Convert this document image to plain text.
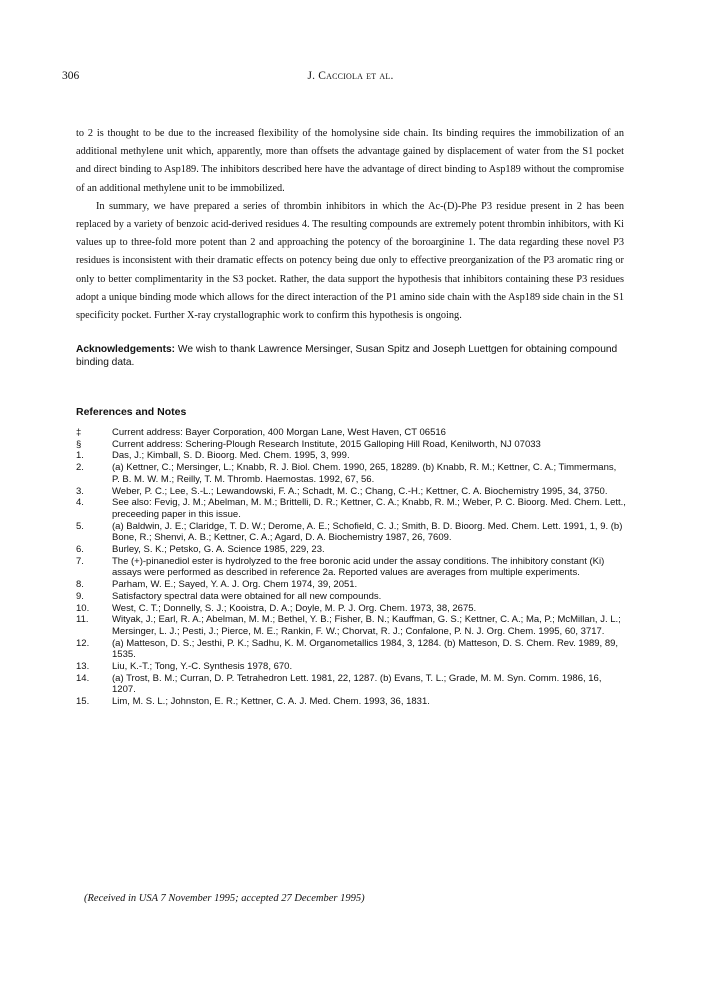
306	J. Cacciola et al.

to 2 is thought to be due to the increased flexibility of the homolysine side chain. Its binding requires the immobilization of an additional methylene unit which, apparently, more than offsets the advantage gained by displacement of water from the S1 pocket and direct binding to Asp189. The inhibitors described here have the advantage of direct binding to Asp189 without the compromise of an additional methylene unit to be immobilized.

In summary, we have prepared a series of thrombin inhibitors in which the Ac-(D)-Phe P3 residue present in 2 has been replaced by a variety of benzoic acid-derived residues 4. The resulting compounds are extremely potent thrombin inhibitors, with Ki values up to three-fold more potent than 2 and approaching the potency of the boroarginine 1. The data regarding these novel P3 residues is inconsistent with their dramatic effects on potency being due only to effective preorganization of the P3 aromatic ring or only to better complimentarity in the S3 pocket. Rather, the data support the hypothesis that inhibitors containing these P3 residues adopt a unique binding mode which allows for the direct interaction of the P1 amino side chain with the Asp189 side chain in the S1 specificity pocket. Further X-ray crystallographic work to confirm this hypothesis is ongoing.

Acknowledgements: We wish to thank Lawrence Mersinger, Susan Spitz and Joseph Luettgen for obtaining compound binding data.
References and Notes
‡	Current address: Bayer Corporation, 400 Morgan Lane, West Haven, CT 06516
§	Current address: Schering-Plough Research Institute, 2015 Galloping Hill Road, Kenilworth, NJ 07033
1.	Das, J.; Kimball, S. D. Bioorg. Med. Chem. 1995, 3, 999.
2.	(a) Kettner, C.; Mersinger, L.; Knabb, R. J. Biol. Chem. 1990, 265, 18289. (b) Knabb, R. M.; Kettner, C. A.; Timmermans, P. B. M. W. M.; Reilly, T. M. Thromb. Haemostas. 1992, 67, 56.
3.	Weber, P. C.; Lee, S.-L.; Lewandowski, F. A.; Schadt, M. C.; Chang, C.-H.; Kettner, C. A. Biochemistry 1995, 34, 3750.
4.	See also: Fevig, J. M.; Abelman, M. M.; Brittelli, D. R.; Kettner, C. A.; Knabb, R. M.; Weber, P. C. Bioorg. Med. Chem. Lett., preceeding paper in this issue.
5.	(a) Baldwin, J. E.; Claridge, T. D. W.; Derome, A. E.; Schofield, C. J.; Smith, B. D. Bioorg. Med. Chem. Lett. 1991, 1, 9. (b) Bone, R.; Shenvi, A. B.; Kettner, C. A.; Agard, D. A. Biochemistry 1987, 26, 7609.
6.	Burley, S. K.; Petsko, G. A. Science 1985, 229, 23.
7.	The (+)-pinanediol ester is hydrolyzed to the free boronic acid under the assay conditions. The inhibitory constant (Ki) assays were performed as described in reference 2a. Reported values are averages from multiple experiments.
8.	Parham, W. E.; Sayed, Y. A. J. Org. Chem 1974, 39, 2051.
9.	Satisfactory spectral data were obtained for all new compounds.
10.	West, C. T.; Donnelly, S. J.; Kooistra, D. A.; Doyle, M. P. J. Org. Chem. 1973, 38, 2675.
11.	Wityak, J.; Earl, R. A.; Abelman, M. M.; Bethel, Y. B.; Fisher, B. N.; Kauffman, G. S.; Kettner, C. A.; Ma, P.; McMillan, J. L.; Mersinger, L. J.; Pesti, J.; Pierce, M. E.; Rankin, F. W.; Chorvat, R. J.; Confalone, P. N. J. Org. Chem. 1995, 60, 3717.
12.	(a) Matteson, D. S.; Jesthi, P. K.; Sadhu, K. M. Organometallics 1984, 3, 1284. (b) Matteson, D. S. Chem. Rev. 1989, 89, 1535.
13.	Liu, K.-T.; Tong, Y.-C. Synthesis 1978, 670.
14.	(a) Trost, B. M.; Curran, D. P. Tetrahedron Lett. 1981, 22, 1287. (b) Evans, T. L.; Grade, M. M. Syn. Comm. 1986, 16, 1207.
15.	Lim, M. S. L.; Johnston, E. R.; Kettner, C. A. J. Med. Chem. 1993, 36, 1831.
(Received in USA 7 November 1995; accepted 27 December 1995)
